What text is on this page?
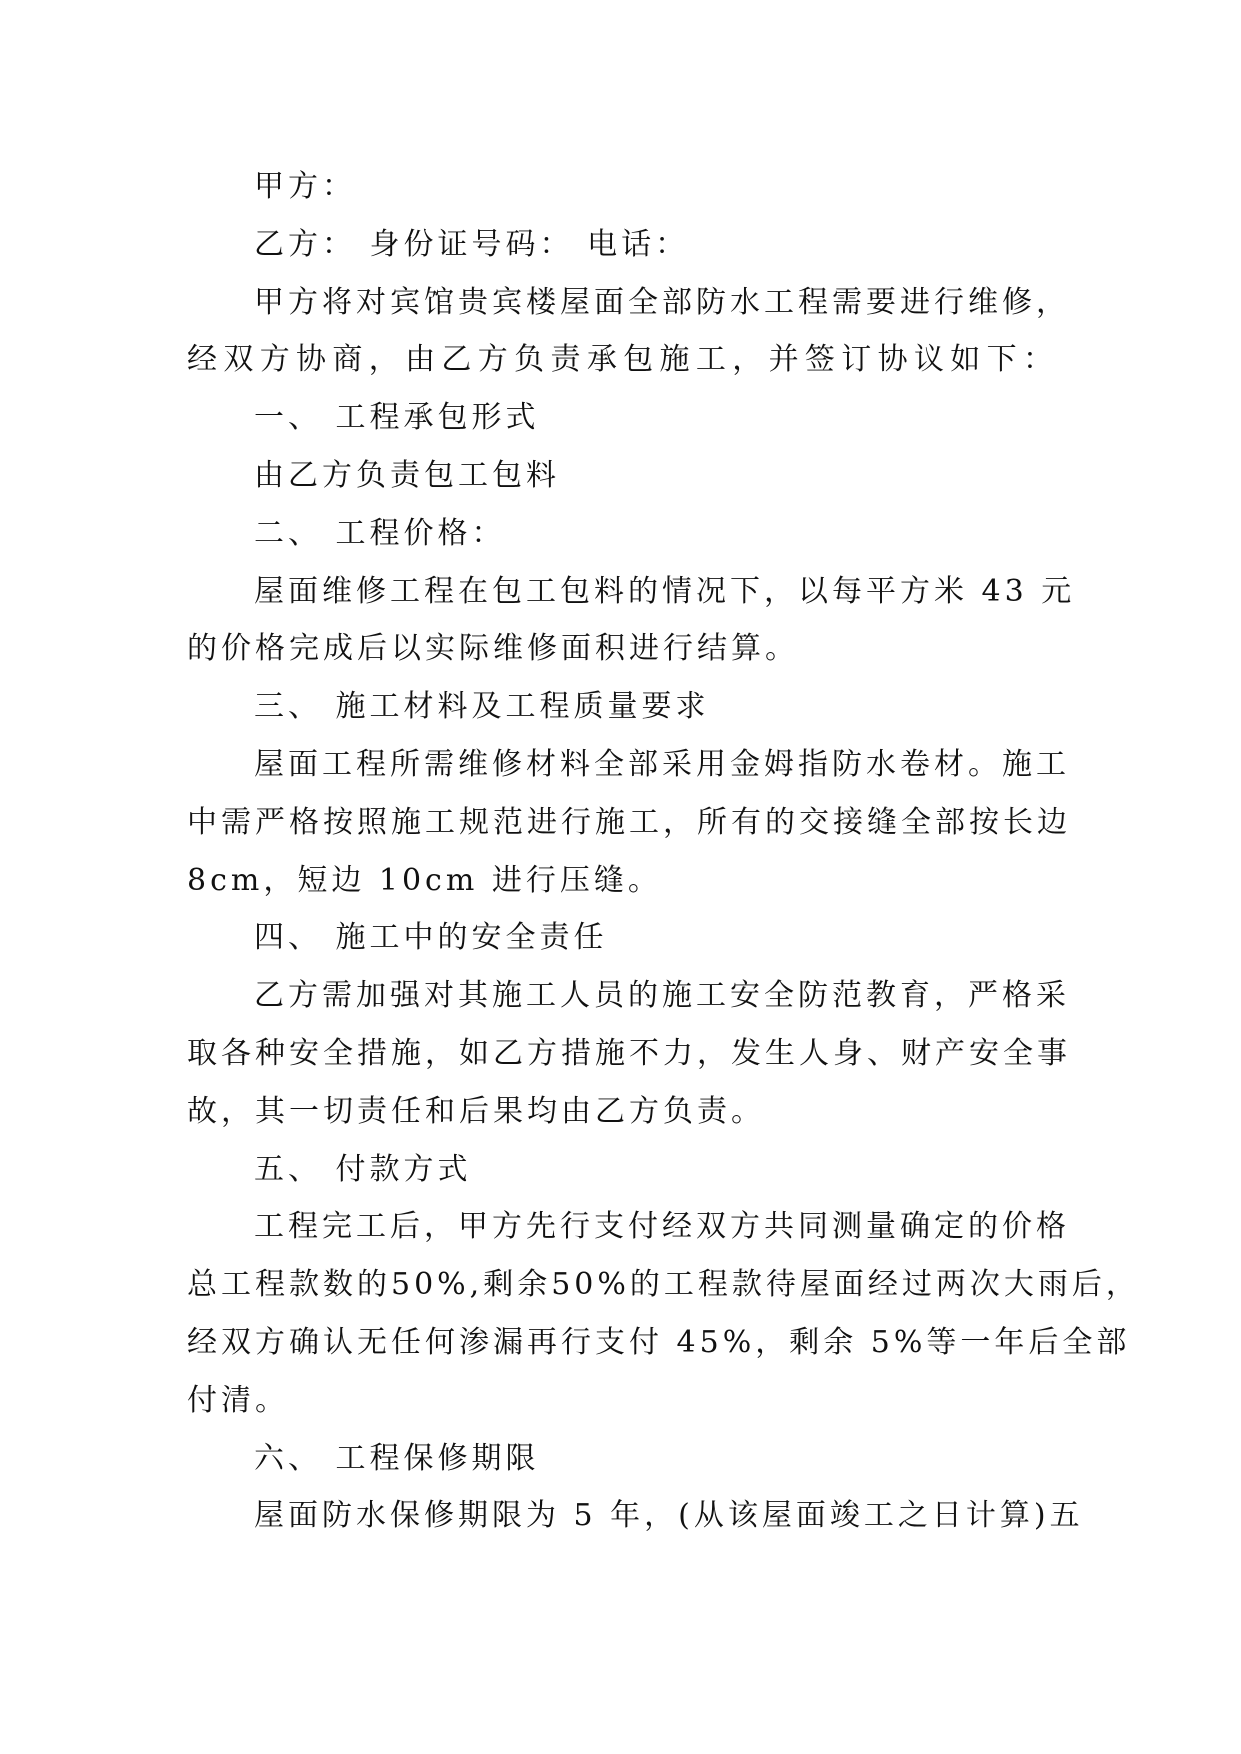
甲方：
乙方： 身份证号码： 电话：
甲方将对宾馆贵宾楼屋面全部防水工程需要进行维修，
经双方协商，由乙方负责承包施工，并签订协议如下：
一、 工程承包形式
由乙方负责包工包料
二、 工程价格：
屋面维修工程在包工包料的情况下，以每平方米 43 元
的价格完成后以实际维修面积进行结算。
三、 施工材料及工程质量要求
屋面工程所需维修材料全部采用金姆指防水卷材。施工
中需严格按照施工规范进行施工，所有的交接缝全部按长边
8cm，短边 10cm 进行压缝。
四、 施工中的安全责任
乙方需加强对其施工人员的施工安全防范教育，严格采
取各种安全措施，如乙方措施不力，发生人身、财产安全事
故，其一切责任和后果均由乙方负责。
五、 付款方式
工程完工后，甲方先行支付经双方共同测量确定的价格
总工程款数的50%,剩余50%的工程款待屋面经过两次大雨后，
经双方确认无任何渗漏再行支付 45%，剩余 5%等一年后全部
付清。
六、 工程保修期限
屋面防水保修期限为 5 年，(从该屋面竣工之日计算)五
